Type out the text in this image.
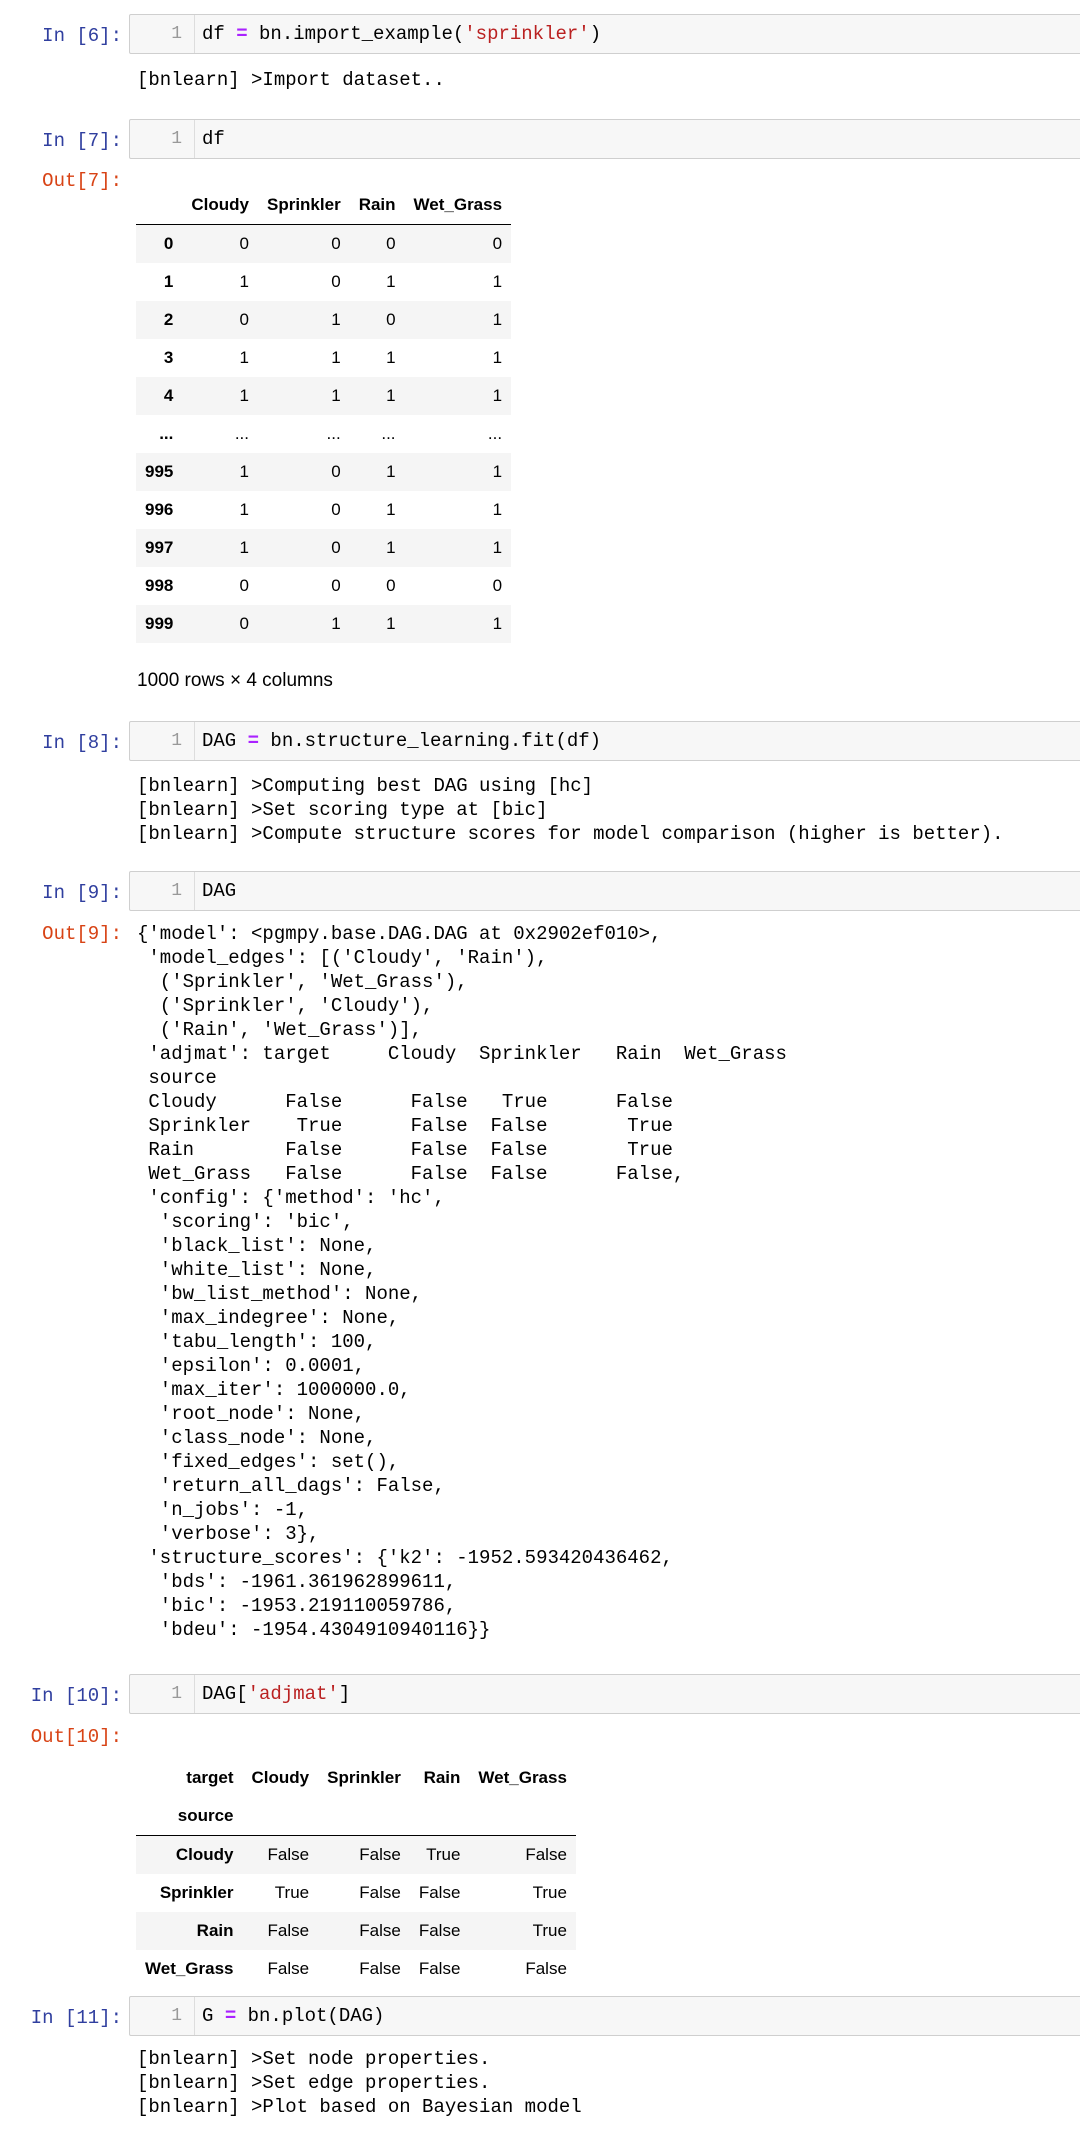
In [6]:	1	df = bn.import_example('sprinkler')
[bnlearn] >Import dataset..
In [7]:	1	df
Out[7]:
	Cloudy	Sprinkler	Rain	Wet_Grass
0	0	0	0	0
1	1	0	1	1
2	0	1	0	1
3	1	1	1	1
4	1	1	1	1
...	...	...	...	...
995	1	0	1	1
996	1	0	1	1
997	1	0	1	1
998	0	0	0	0
999	0	1	1	1
1000 rows × 4 columns
In [8]:	1	DAG = bn.structure_learning.fit(df)
[bnlearn] >Computing best DAG using [hc]
[bnlearn] >Set scoring type at [bic]
[bnlearn] >Compute structure scores for model comparison (higher is better).
In [9]:	1	DAG
Out[9]: {'model': <pgmpy.base.DAG.DAG at 0x2902ef010>,
'model_edges': [('Cloudy', 'Rain'),
('Sprinkler', 'Wet_Grass'),
('Sprinkler', 'Cloudy'),
('Rain', 'Wet_Grass')],
'adjmat': target     Cloudy  Sprinkler   Rain  Wet_Grass
source
Cloudy      False      False   True      False
Sprinkler    True      False  False       True
Rain        False      False  False       True
Wet_Grass   False      False  False      False,
'config': {'method': 'hc',
'scoring': 'bic',
'black_list': None,
'white_list': None,
'bw_list_method': None,
'max_indegree': None,
'tabu_length': 100,
'epsilon': 0.0001,
'max_iter': 1000000.0,
'root_node': None,
'class_node': None,
'fixed_edges': set(),
'return_all_dags': False,
'n_jobs': -1,
'verbose': 3},
'structure_scores': {'k2': -1952.593420436462,
'bds': -1961.361962899611,
'bic': -1953.219110059786,
'bdeu': -1954.4304910940116}}
In [10]:	1	DAG['adjmat']
Out[10]:
target	Cloudy	Sprinkler	Rain	Wet_Grass
source				
Cloudy	False	False	True	False
Sprinkler	True	False	False	True
Rain	False	False	False	True
Wet_Grass	False	False	False	False
In [11]:	1	G = bn.plot(DAG)
[bnlearn] >Set node properties.
[bnlearn] >Set edge properties.
[bnlearn] >Plot based on Bayesian model
